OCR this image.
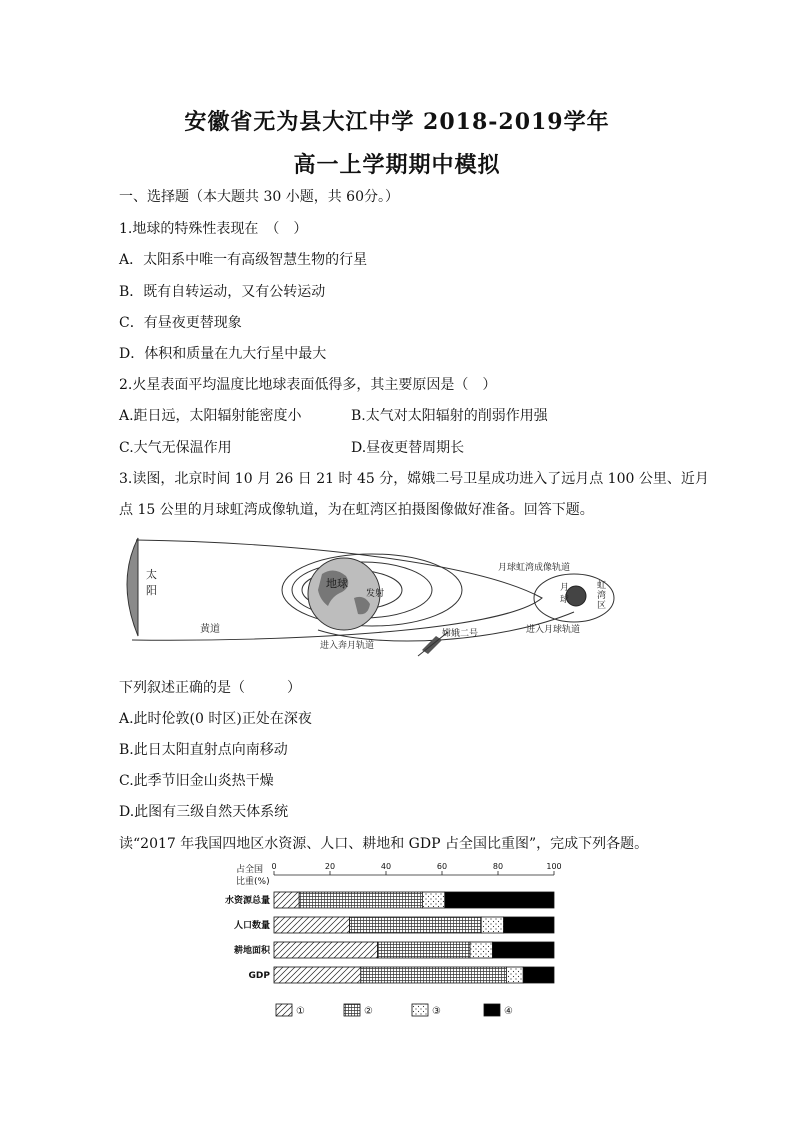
安徽省无为县大江中学 2018-2019学年
高一上学期期中模拟
一、选择题（本大题共 30 小题，共 60分。）
1.地球的特殊性表现在　（　）
A．太阳系中唯一有高级智慧生物的行星
B．既有自转运动，又有公转运动
C．有昼夜更替现象
D．体积和质量在九大行星中最大
2.火星表面平均温度比地球表面低得多，其主要原因是（　）
A.距日远，太阳辐射能密度小	B.太气对太阳辐射的削弱作用强
C.大气无保温作用	D.昼夜更替周期长
3.读图，北京时间 10 月 26 日 21 时 45 分，嫦娥二号卫星成功进入了远月点 100 公里、近月
点 15 公里的月球虹湾成像轨道，为在虹湾区拍摄图像做好准备。回答下题。
太
阳
黄道
地球
发射
进入奔月轨道
嫦娥二号
月球虹湾成像轨道
月
球
虹
湾
区
进入月球轨道
下列叙述正确的是（　　　）
A.此时伦敦(0 时区)正处在深夜
B.此日太阳直射点向南移动
C.此季节旧金山炎热干燥
D.此图有三级自然天体系统
读“2017 年我国四地区水资源、人口、耕地和 GDP 占全国比重图”，完成下列各题。
占全国
比重(%)
0	20	40	60	80	100
水资源总量
人口数量
耕地面积
GDP
①	②	③	④
